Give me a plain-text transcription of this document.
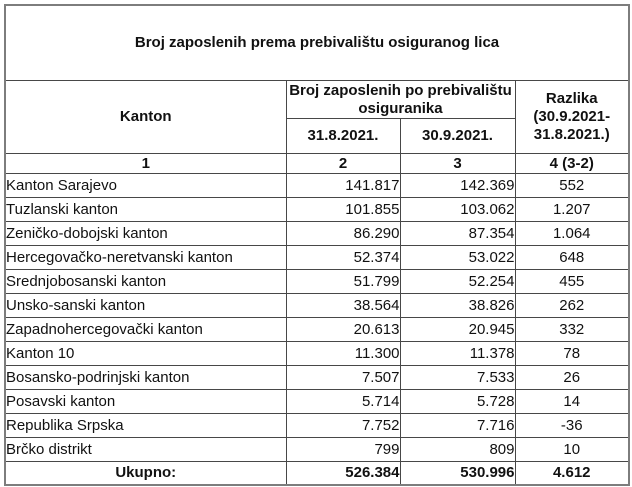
Broj zaposlenih prema prebivalištu osiguranog lica			
Kanton	Broj zaposlenih po prebivalištu osiguranika		Razlika (30.9.2021-31.8.2021.)
	31.8.2021.	30.9.2021.	
1	2	3	4 (3-2)
Kanton Sarajevo	141.817	142.369	552
Tuzlanski kanton	101.855	103.062	1.207
Zeničko-dobojski kanton	86.290	87.354	1.064
Hercegovačko-neretvanski kanton	52.374	53.022	648
Srednjobosanski kanton	51.799	52.254	455
Unsko-sanski kanton	38.564	38.826	262
Zapadnohercegovački kanton	20.613	20.945	332
Kanton 10	11.300	11.378	78
Bosansko-podrinjski kanton	7.507	7.533	26
Posavski kanton	5.714	5.728	14
Republika Srpska	7.752	7.716	-36
Brčko distrikt	799	809	10
Ukupno:	526.384	530.996	4.612
